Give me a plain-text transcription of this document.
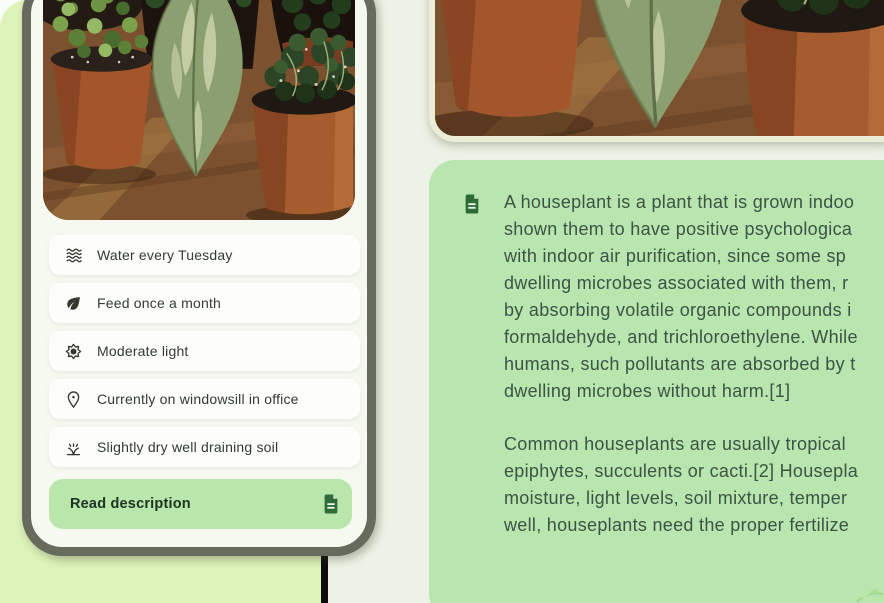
A houseplant is a plant that is grown indoo
shown them to have positive psychologica
with indoor air purification, since some sp
dwelling microbes associated with them, r
by absorbing volatile organic compounds i
formaldehyde, and trichloroethylene. While
humans, such pollutants are absorbed by t
dwelling microbes without harm.[1]
Common houseplants are usually tropical
epiphytes, succulents or cacti.[2] Housepla
moisture, light levels, soil mixture, temper
well, houseplants need the proper fertilize
Water every Tuesday
Feed once a month
Moderate light
Currently on windowsill in office
Slightly dry well draining soil
Read description
